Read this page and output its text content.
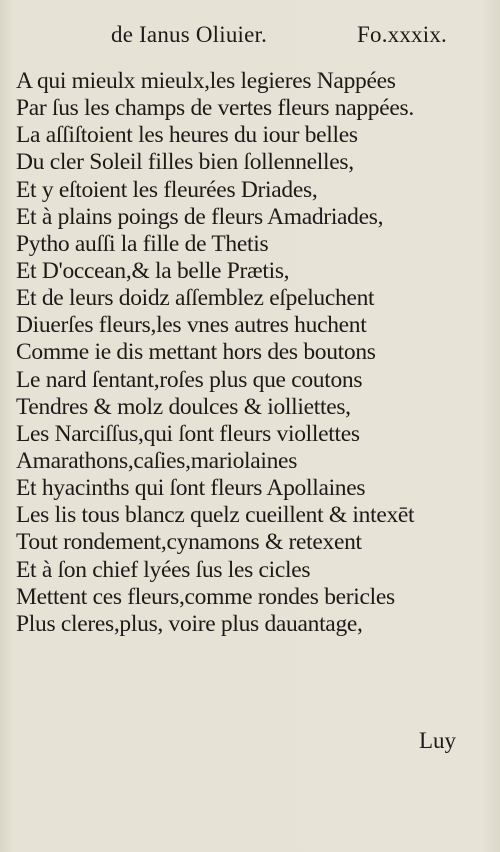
de Ianus Oliuier.	Fo.xxxix.
A qui mieulx mieulx,les legieres Nappées
Par ſus les champs de vertes fleurs nappées.
La aſſiſtoient les heures du iour belles
Du cler Soleil filles bien ſollennelles,
Et y eſtoient les fleurées Driades,
Et à plains poings de fleurs Amadriades,
Pytho auſſi la fille de Thetis
Et D'occean,& la belle Prætis,
Et de leurs doidz aſſemblez eſpeluchent
Diuerſes fleurs,les vnes autres huchent
Comme ie dis mettant hors des boutons
Le nard ſentant,roſes plus que coutons
Tendres & molz doulces & iolliettes,
Les Narciſſus,qui ſont fleurs viollettes
Amarathons,caſies,mariolaines
Et hyacinths qui ſont fleurs Apollaines
Les lis tous blancz quelz cueillent & intexēt
Tout rondement,cynamons & retexent
Et à ſon chief lyées ſus les cicles
Mettent ces fleurs,comme rondes bericles
Plus cleres,plus, voire plus dauantage,
Luy
